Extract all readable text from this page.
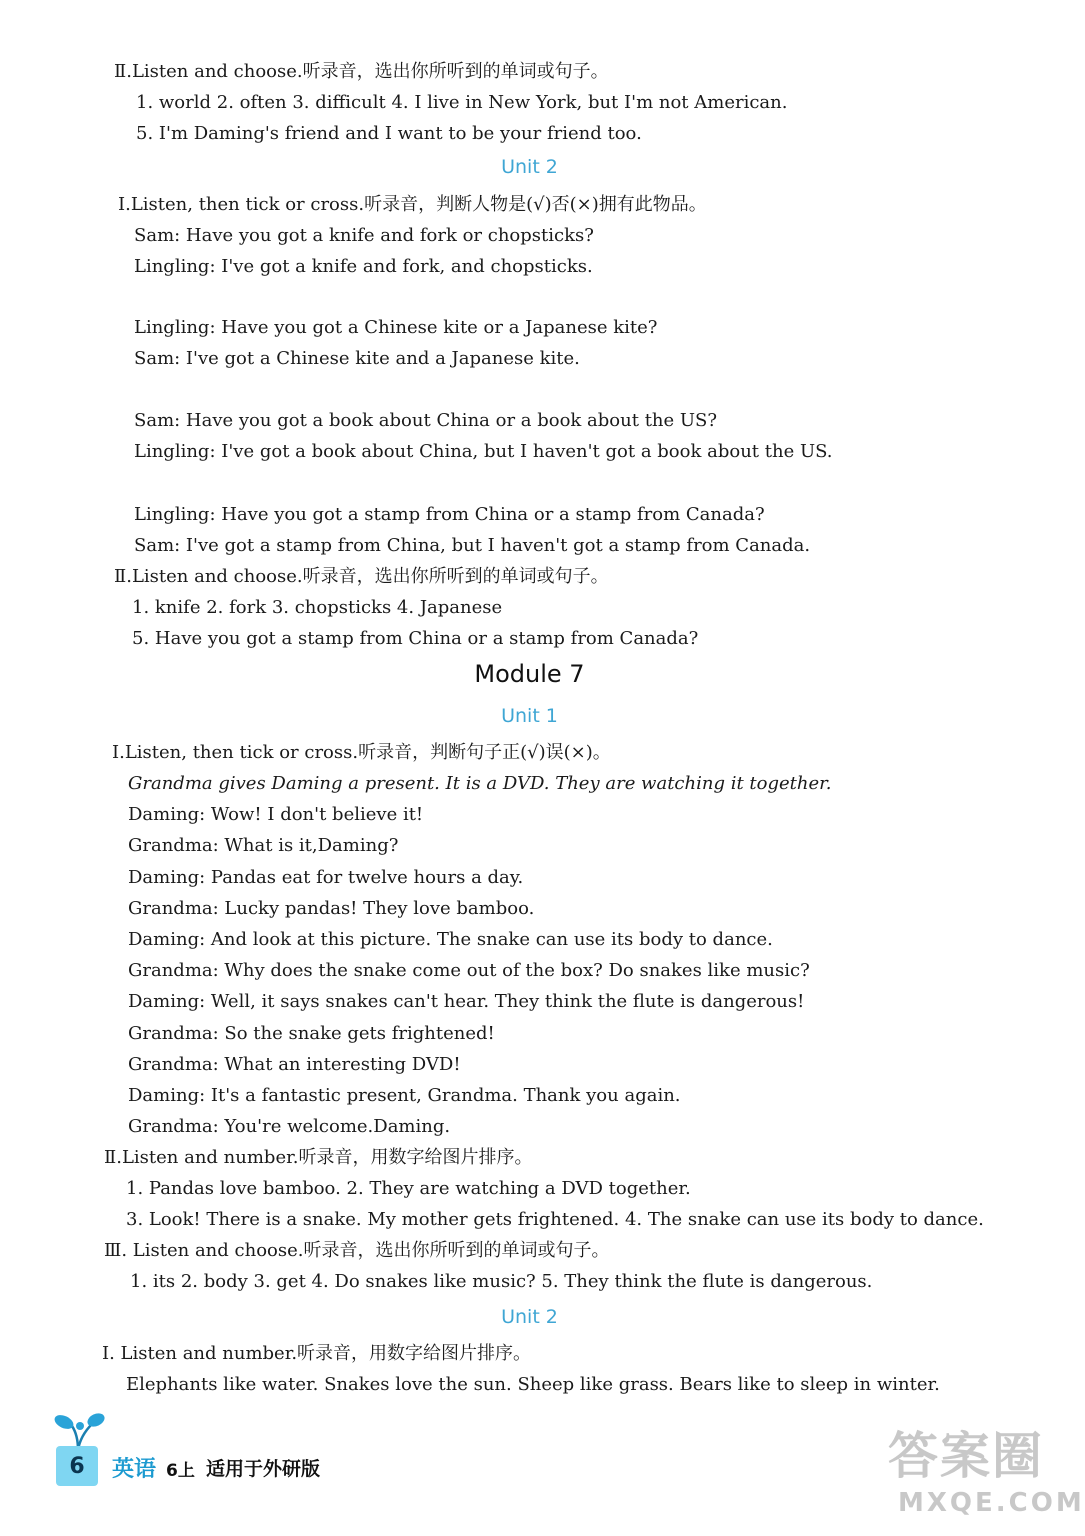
Ⅱ.Listen and choose.听录音，选出你所听到的单词或句子。
1. world 2. often 3. difficult 4. I live in New York, but I'm not American.
5. I'm Daming's friend and I want to be your friend too.
Unit 2
Ⅰ.Listen, then tick or cross.听录音，判断人物是(√)否(×)拥有此物品。
Sam: Have you got a knife and fork or chopsticks?
Lingling: I've got a knife and fork, and chopsticks.
Lingling: Have you got a Chinese kite or a Japanese kite?
Sam: I've got a Chinese kite and a Japanese kite.
Sam: Have you got a book about China or a book about the US?
Lingling: I've got a book about China, but I haven't got a book about the US.
Lingling: Have you got a stamp from China or a stamp from Canada?
Sam: I've got a stamp from China, but I haven't got a stamp from Canada.
Ⅱ.Listen and choose.听录音，选出你所听到的单词或句子。
1. knife 2. fork 3. chopsticks 4. Japanese
5. Have you got a stamp from China or a stamp from Canada?
Module 7
Unit 1
Ⅰ.Listen, then tick or cross.听录音，判断句子正(√)误(×)。
Grandma gives Daming a present. It is a DVD. They are watching it together.
Daming: Wow! I don't believe it!
Grandma: What is it,Daming?
Daming: Pandas eat for twelve hours a day.
Grandma: Lucky pandas! They love bamboo.
Daming: And look at this picture. The snake can use its body to dance.
Grandma: Why does the snake come out of the box? Do snakes like music?
Daming: Well, it says snakes can't hear. They think the flute is dangerous!
Grandma: So the snake gets frightened!
Grandma: What an interesting DVD!
Daming: It's a fantastic present, Grandma. Thank you again.
Grandma: You're welcome.Daming.
Ⅱ.Listen and number.听录音，用数字给图片排序。
1. Pandas love bamboo. 2. They are watching a DVD together.
3. Look! There is a snake. My mother gets frightened. 4. The snake can use its body to dance.
Ⅲ. Listen and choose.听录音，选出你所听到的单词或句子。
1. its 2. body 3. get 4. Do snakes like music? 5. They think the flute is dangerous.
Unit 2
Ⅰ. Listen and number.听录音，用数字给图片排序。
Elephants like water. Snakes love the sun. Sheep like grass. Bears like to sleep in winter.
6	英语 6上 适用于外研版	答案圈
MXQE.COM
